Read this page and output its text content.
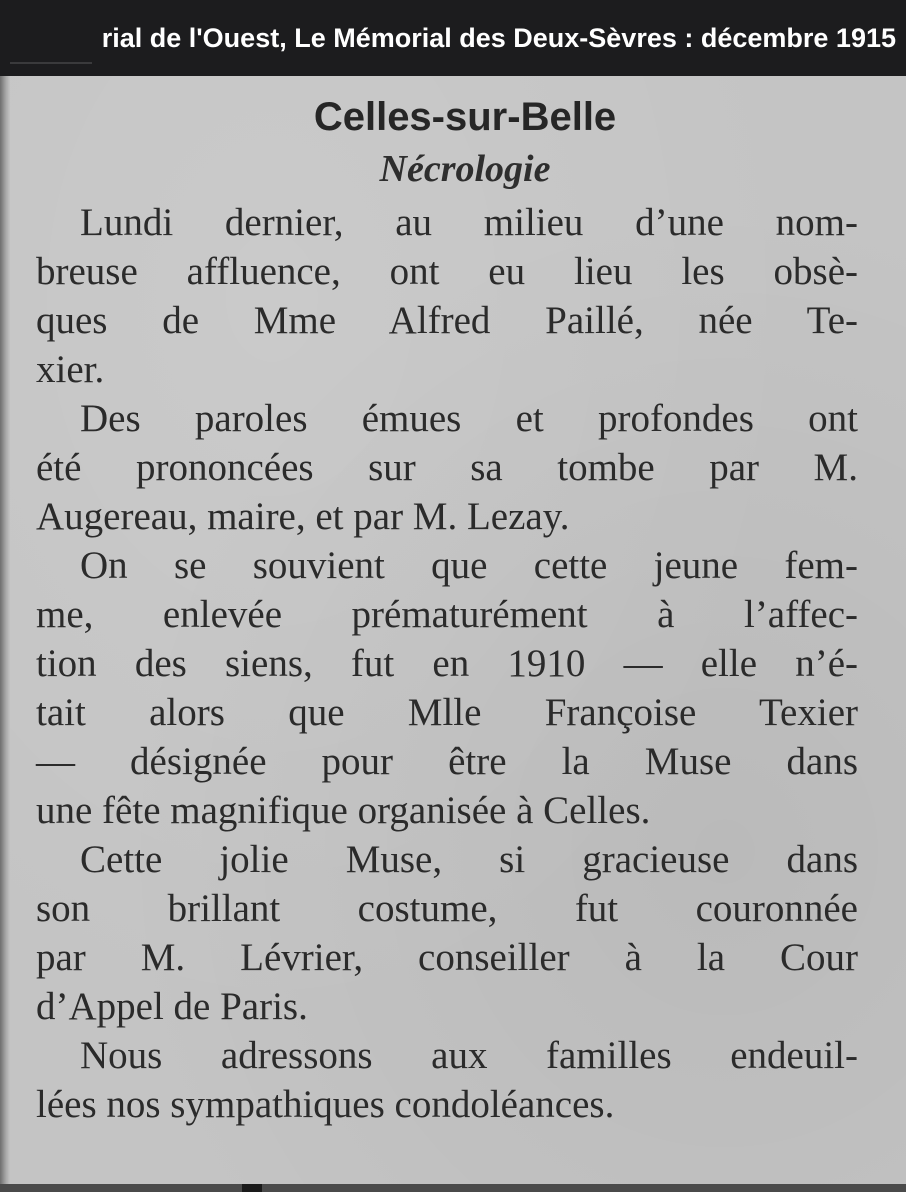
rial de l'Ouest, Le Mémorial des Deux-Sèvres : décembre 1915
Celles-sur-Belle
Nécrologie

Lundi dernier, au milieu d’une nom-
breuse affluence, ont eu lieu les obsè-
ques de Mme Alfred Paillé, née Te-
xier.

Des paroles émues et profondes ont
été prononcées sur sa tombe par M.
Augereau, maire, et par M. Lezay.

On se souvient que cette jeune fem-
me, enlevée prématurément à l’affec-
tion des siens, fut en 1910 — elle n’é-
tait alors que Mlle Françoise Texier
— désignée pour être la Muse dans
une fête magnifique organisée à Celles.

Cette jolie Muse, si gracieuse dans
son brillant costume, fut couronnée
par M. Lévrier, conseiller à la Cour
d’Appel de Paris.

Nous adressons aux familles endeuil-
lées nos sympathiques condoléances.
